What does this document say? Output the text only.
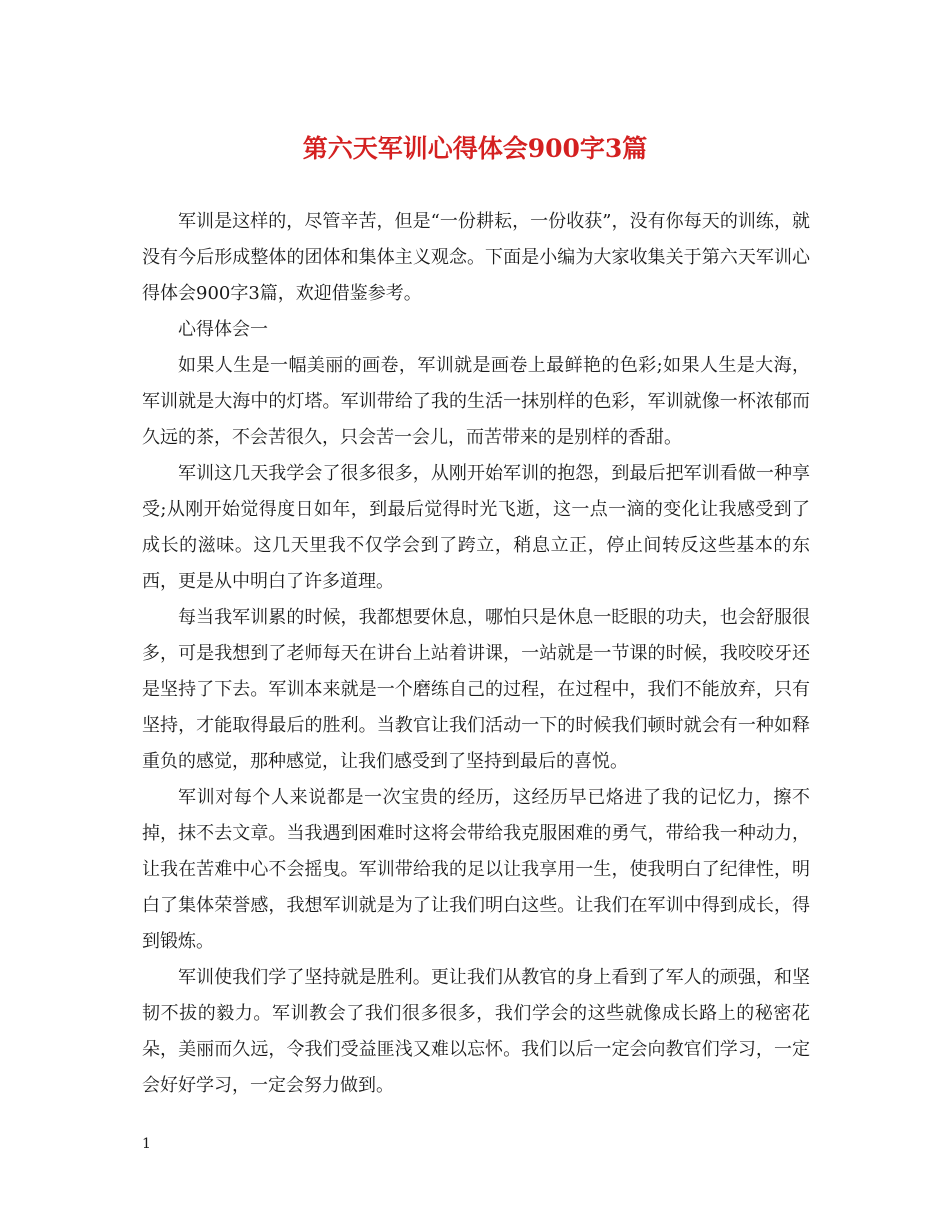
第六天军训心得体会900字3篇

军训是这样的，尽管辛苦，但是“一份耕耘，一份收获”，没有你每天的训练，就没有今后形成整体的团体和集体主义观念。下面是小编为大家收集关于第六天军训心得体会900字3篇，欢迎借鉴参考。

心得体会一

如果人生是一幅美丽的画卷，军训就是画卷上最鲜艳的色彩;如果人生是大海，军训就是大海中的灯塔。军训带给了我的生活一抹别样的色彩，军训就像一杯浓郁而久远的茶，不会苦很久，只会苦一会儿，而苦带来的是别样的香甜。

军训这几天我学会了很多很多，从刚开始军训的抱怨，到最后把军训看做一种享受;从刚开始觉得度日如年，到最后觉得时光飞逝，这一点一滴的变化让我感受到了成长的滋味。这几天里我不仅学会到了跨立，稍息立正，停止间转反这些基本的东西，更是从中明白了许多道理。

每当我军训累的时候，我都想要休息，哪怕只是休息一眨眼的功夫，也会舒服很多，可是我想到了老师每天在讲台上站着讲课，一站就是一节课的时候，我咬咬牙还是坚持了下去。军训本来就是一个磨练自己的过程，在过程中，我们不能放弃，只有坚持，才能取得最后的胜利。当教官让我们活动一下的时候我们顿时就会有一种如释重负的感觉，那种感觉，让我们感受到了坚持到最后的喜悦。

军训对每个人来说都是一次宝贵的经历，这经历早已烙进了我的记忆力，擦不掉，抹不去文章。当我遇到困难时这将会带给我克服困难的勇气，带给我一种动力，让我在苦难中心不会摇曳。军训带给我的足以让我享用一生，使我明白了纪律性，明白了集体荣誉感，我想军训就是为了让我们明白这些。让我们在军训中得到成长，得到锻炼。

军训使我们学了坚持就是胜利。更让我们从教官的身上看到了军人的顽强，和坚韧不拔的毅力。军训教会了我们很多很多，我们学会的这些就像成长路上的秘密花朵，美丽而久远，令我们受益匪浅又难以忘怀。我们以后一定会向教官们学习，一定会好好学习，一定会努力做到。

1
